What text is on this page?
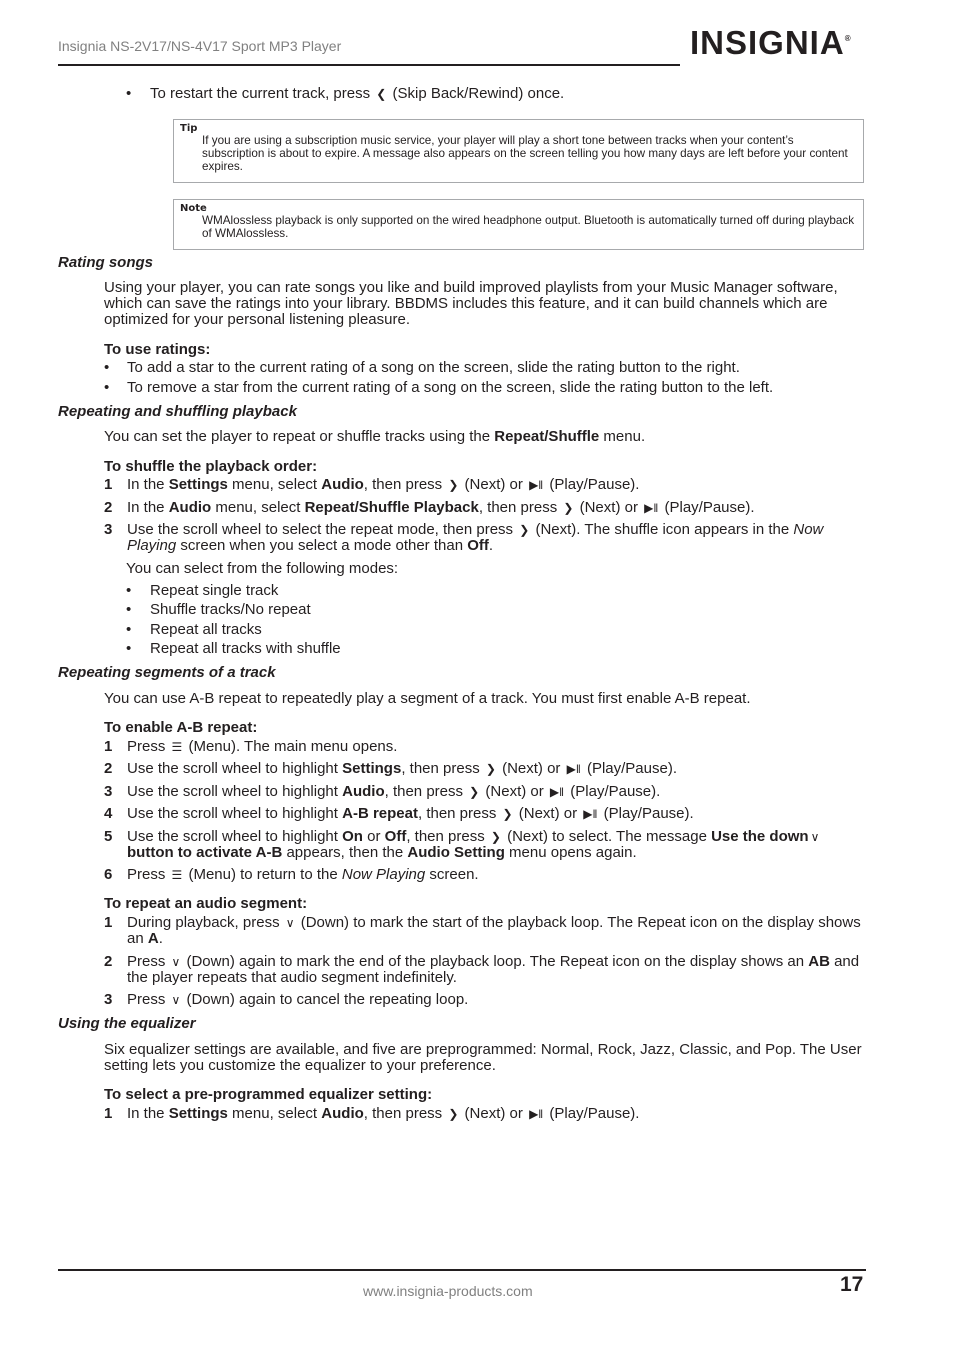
Insignia NS-2V17/NS-4V17 Sport MP3 Player	INSIGNIA®
• To restart the current track, press ❮ (Skip Back/Rewind) once.
Tip
If you are using a subscription music service, your player will play a short tone between tracks when your content’s subscription is about to expire. A message also appears on the screen telling you how many days are left before your content expires.
Note
WMAlossless playback is only supported on the wired headphone output. Bluetooth is automatically turned off during playback of WMAlossless.
Rating songs
Using your player, you can rate songs you like and build improved playlists from your Music Manager software, which can save the ratings into your library. BBDMS includes this feature, and it can build channels which are optimized for your personal listening pleasure.
To use ratings:
• To add a star to the current rating of a song on the screen, slide the rating button to the right.
• To remove a star from the current rating of a song on the screen, slide the rating button to the left.
Repeating and shuffling playback
You can set the player to repeat or shuffle tracks using the Repeat/Shuffle menu.
To shuffle the playback order:
1 In the Settings menu, select Audio, then press ❯ (Next) or ▶‖ (Play/Pause).
2 In the Audio menu, select Repeat/Shuffle Playback, then press ❯ (Next) or ▶‖ (Play/Pause).
3 Use the scroll wheel to select the repeat mode, then press ❯ (Next). The shuffle icon appears in the Now Playing screen when you select a mode other than Off.
You can select from the following modes:
• Repeat single track
• Shuffle tracks/No repeat
• Repeat all tracks
• Repeat all tracks with shuffle
Repeating segments of a track
You can use A-B repeat to repeatedly play a segment of a track. You must first enable A-B repeat.
To enable A-B repeat:
1 Press ☰ (Menu). The main menu opens.
2 Use the scroll wheel to highlight Settings, then press ❯ (Next) or ▶‖ (Play/Pause).
3 Use the scroll wheel to highlight Audio, then press ❯ (Next) or ▶‖ (Play/Pause).
4 Use the scroll wheel to highlight A-B repeat, then press ❯ (Next) or ▶‖ (Play/Pause).
5 Use the scroll wheel to highlight On or Off, then press ❯ (Next) to select. The message Use the down ∨
button to activate A-B appears, then the Audio Setting menu opens again.
6 Press ☰ (Menu) to return to the Now Playing screen.
To repeat an audio segment:
1 During playback, press ∨ (Down) to mark the start of the playback loop. The Repeat icon on the display shows an A.
2 Press ∨ (Down) again to mark the end of the playback loop. The Repeat icon on the display shows an AB and the player repeats that audio segment indefinitely.
3 Press ∨ (Down) again to cancel the repeating loop.
Using the equalizer
Six equalizer settings are available, and five are preprogrammed: Normal, Rock, Jazz, Classic, and Pop. The User setting lets you customize the equalizer to your preference.
To select a pre-programmed equalizer setting:
1 In the Settings menu, select Audio, then press ❯ (Next) or ▶‖ (Play/Pause).
www.insignia-products.com	17
